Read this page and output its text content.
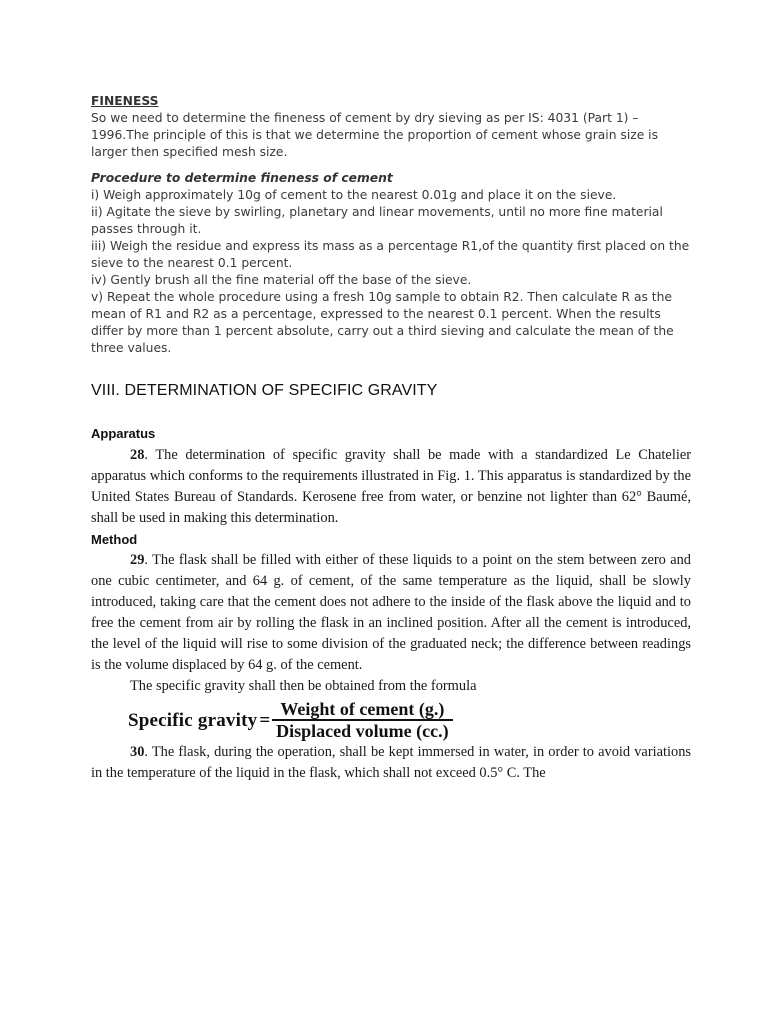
FINENESS

So we need to determine the fineness of cement by dry sieving as per IS: 4031 (Part 1) – 1996.The principle of this is that we determine the proportion of cement whose grain size is larger then specified mesh size.

Procedure to determine fineness of cement

i) Weigh approximately 10g of cement to the nearest 0.01g and place it on the sieve.

ii) Agitate the sieve by swirling, planetary and linear movements, until no more fine material passes through it.

iii) Weigh the residue and express its mass as a percentage R1,of the quantity first placed on the sieve to the nearest 0.1 percent.

iv) Gently brush all the fine material off the base of the sieve.

v) Repeat the whole procedure using a fresh 10g sample to obtain R2. Then calculate R as the mean of R1 and R2 as a percentage, expressed to the nearest 0.1 percent. When the results differ by more than 1 percent absolute, carry out a third sieving and calculate the mean of the three values.

VIII. DETERMINATION OF SPECIFIC GRAVITY

Apparatus

28. The determination of specific gravity shall be made with a standardized Le Chatelier apparatus which conforms to the requirements illustrated in Fig. 1. This apparatus is standardized by the United States Bureau of Standards. Kerosene free from water, or benzine not lighter than 62° Baumé, shall be used in making this determination.

Method

29. The flask shall be filled with either of these liquids to a point on the stem between zero and one cubic centimeter, and 64 g. of cement, of the same temperature as the liquid, shall be slowly introduced, taking care that the cement does not adhere to the inside of the flask above the liquid and to free the cement from air by rolling the flask in an inclined position. After all the cement is introduced, the level of the liquid will rise to some division of the graduated neck; the difference between readings is the volume displaced by 64 g. of the cement.

The specific gravity shall then be obtained from the formula

Specific gravity = $\frac{\text{Weight of cement (g.)}}{\text{Displaced volume (cc.)}}$

30. The flask, during the operation, shall be kept immersed in water, in order to avoid variations in the temperature of the liquid in the flask, which shall not exceed 0.5° C. The
